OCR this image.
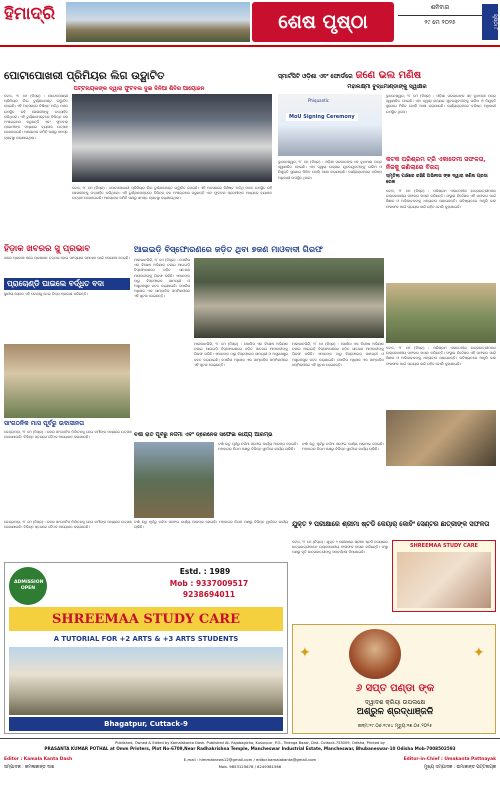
ହିମାଦ୍ରି	ଶେଷ ପୃଷ୍ଠା
ଶନିବାର
୨୯ ମେ ୨୦୨୫	ପୃଷ୍ଠା ୮
ପୋଟାପୋଖରୀ ପ୍ରିମିୟର ଲିଗ ଉଦ୍ଘାଟିତ
ପଟ୍ଟନାୟକଙ୍କ ଦ୍ୱାରା ଫୁଟବଲ ଦୁଇ ଦିନିଆ ଶିବିର ଆୟୋଜନ
କଟକ, ୨୮ ମେ (ନିସ୍ର) : ପୋଟାପୋଖରୀ ପ୍ରିମିୟର ଲିଗ ଟୁର୍ଣ୍ଣାମେଣ୍ଟ ଉଦ୍ଘାଟିତ ହୋଇଛି। ଏହି ଅବସରରେ ବିଶିଷ୍ଟ ଅତିଥି ମାନେ ଉପସ୍ଥିତ ରହି ଖେଳାଳୀଙ୍କୁ ଉତ୍ସାହିତ କରିଥିଲେ। ଏହି ଟୁର୍ଣ୍ଣାମେଣ୍ଟରେ ବିଭିନ୍ନ ଦଳ ଅଂଶଗ୍ରହଣ କରୁଛନ୍ତି ଏବଂ ଫୁଟବଲ ପ୍ରେମୀଙ୍କ ମଧ୍ୟରେ ବ୍ୟାପକ ଉତ୍ସାହ ଦେଖାଦେଇଛି। ଆୟୋଜକ କମିଟି ପକ୍ଷରୁ ସମସ୍ତ ବ୍ୟବସ୍ଥା କରାଯାଇଥିଲା।
କଟକ, ୨୮ ମେ (ନିସ୍ର) : ପୋଟାପୋଖରୀ ପ୍ରିମିୟର ଲିଗ ଟୁର୍ଣ୍ଣାମେଣ୍ଟ ଉଦ୍ଘାଟିତ ହୋଇଛି। ଏହି ଅବସରରେ ବିଶିଷ୍ଟ ଅତିଥି ମାନେ ଉପସ୍ଥିତ ରହି ଖେଳାଳୀଙ୍କୁ ଉତ୍ସାହିତ କରିଥିଲେ। ଏହି ଟୁର୍ଣ୍ଣାମେଣ୍ଟରେ ବିଭିନ୍ନ ଦଳ ଅଂଶଗ୍ରହଣ କରୁଛନ୍ତି ଏବଂ ଫୁଟବଲ ପ୍ରେମୀଙ୍କ ମଧ୍ୟରେ ବ୍ୟାପକ ଉତ୍ସାହ ଦେଖାଦେଇଛି। ଆୟୋଜକ କମିଟି ପକ୍ଷରୁ ସମସ୍ତ ବ୍ୟବସ୍ଥା କରାଯାଇଥିଲା।
ସ୍ମାର୍ଟସିଟି ଓଡ଼ିଶା ଏବଂ ଫୋର୍ଡରେ ଜଣେ ଭଲ ମଣିଷ
ମହାଲକ୍ଷ୍ମୀ ବୁଦ୍ଧମାଣ୍ଡାଙ୍କୁ ସ୍ୱାକ୍ଷର
Phiquantic
MoU Signing Ceremony
ଭୁବନେଶ୍ୱର, ୨୮ ମେ (ନିସ୍ର) : ଓଡ଼ିଶା ସରକାରଙ୍କ ସହ ବୁଝାମଣା ପତ୍ର ସ୍ୱାକ୍ଷରିତ ହୋଇଛି। ଏହା ଦ୍ୱାରା ରାଜ୍ୟର ଯୁବକଯୁବତୀଙ୍କୁ ତାଲିମ ଓ ନିଯୁକ୍ତି ସୁଯୋଗ ମିଳିବ ବୋଲି ଆଶା କରାଯାଉଛି। କାର୍ଯ୍ୟକ୍ରମରେ ବରିଷ୍ଠ ଅଧିକାରୀ ଉପସ୍ଥିତ ଥିଲେ।
ଭୁବନେଶ୍ୱର, ୨୮ ମେ (ନିସ୍ର) : ଓଡ଼ିଶା ସରକାରଙ୍କ ସହ ବୁଝାମଣା ପତ୍ର ସ୍ୱାକ୍ଷରିତ ହୋଇଛି। ଏହା ଦ୍ୱାରା ରାଜ୍ୟର ଯୁବକଯୁବତୀଙ୍କୁ ତାଲିମ ଓ ନିଯୁକ୍ତି ସୁଯୋଗ ମିଳିବ ବୋଲି ଆଶା କରାଯାଉଛି। କାର୍ଯ୍ୟକ୍ରମରେ ବରିଷ୍ଠ ଅଧିକାରୀ ଉପସ୍ଥିତ ଥିଲେ।
କଟକ ପରିଶ୍ରମ ଟ୍ରି ଏକାଡେମୀ ସଫଳତା, ନିଜକୁ ଜଣିଲାରେ ବିଜୟ
ସ୍ମୃତିଲା ପାଞ୍ଚରେ ରହିଛି ଅଭିନୀତା ଙ୍କ ଦ୍ୱାରା ଜଣିଷ ପ୍ରସା ରେକ
କଟକ, ୨୮ ମେ (ନିସ୍ର) : ପରିଶ୍ରମ ଏକାଡେମୀର ଛାତ୍ରଛାତ୍ରୀମାନେ ଉଲ୍ଲେଖନୀୟ ସଫଳତା ହାସଲ କରିଛନ୍ତି। ସଂସ୍ଥାର ନିର୍ଦ୍ଦେଶକ ଏହି ସଫଳତା ପାଇଁ ଶିକ୍ଷକ ଓ ଅଭିଭାବକଙ୍କୁ ଧନ୍ୟବାଦ ଜଣାଇଛନ୍ତି। ଭବିଷ୍ୟତରେ ଆହୁରି ଭଲ ଫଳାଫଳ ପାଇଁ ପ୍ରୟାସ ଜାରି ରହିବ ବୋଲି କୁହାଯାଇଛି।
କଟକ, ୨୮ ମେ (ନିସ୍ର) : ପରିଶ୍ରମ ଏକାଡେମୀର ଛାତ୍ରଛାତ୍ରୀମାନେ ଉଲ୍ଲେଖନୀୟ ସଫଳତା ହାସଲ କରିଛନ୍ତି। ସଂସ୍ଥାର ନିର୍ଦ୍ଦେଶକ ଏହି ସଫଳତା ପାଇଁ ଶିକ୍ଷକ ଓ ଅଭିଭାବକଙ୍କୁ ଧନ୍ୟବାଦ ଜଣାଇଛନ୍ତି। ଭବିଷ୍ୟତରେ ଆହୁରି ଭଲ ଫଳାଫଳ ପାଇଁ ପ୍ରୟାସ ଜାରି ରହିବ ବୋଲି କୁହାଯାଇଛି।
ହିଡ଼ାକ ଖବରର ସୁ ପ୍ରଭାବ
ଖବର ପ୍ରକାଶ ପରେ ପ୍ରଶାସନ ତତ୍ପର ହୋଇ ସମସ୍ୟାର ସମାଧାନ ପାଇଁ ପଦକ୍ଷେପ ନେଇଛି।
ପ୍ରାଚୋଣ୍ଡି ଘାଇଲେ ବର୍ଦ୍ଧିତ ବଦା
ସ୍ଥାନୀୟ ଲୋକେ ଏହି ଘଟଣାକୁ ନେଇ ଚିନ୍ତା ପ୍ରକାଶ କରିଛନ୍ତି।
ଆଇଇଡ଼ି ବିସ୍ଫୋରଣରେ ଜଡ଼ିତ ଥିବା ୭ଜଣ ମାଓବାଦୀ ଗିରଫ
ମାଲକାନଗିରି, ୨୮ ମେ (ନିସ୍ର) : ପୋଲିସ ଏକ ବିଶେଷ ଅଭିଯାନ ଚଳାଇ ଆଇଇଡ଼ି ବିସ୍ଫୋରଣରେ ଜଡ଼ିତ ସାତଜଣ ମାଓବାଦୀଙ୍କୁ ଗିରଫ କରିଛି। ଏମାନଙ୍କ ଠାରୁ ବିସ୍ଫୋରକ ସାମଗ୍ରୀ ଓ ଅସ୍ତ୍ରଶସ୍ତ୍ର ଜବତ କରାଯାଇଛି। ପୋଲିସ ଅଧିକ୍ଷକ ଏକ ସାମ୍ବାଦିକ ସମ୍ମିଳନୀରେ ଏହି ସୂଚନା ଦେଇଛନ୍ତି।
ମାଲକାନଗିରି, ୨୮ ମେ (ନିସ୍ର) : ପୋଲିସ ଏକ ବିଶେଷ ଅଭିଯାନ ଚଳାଇ ଆଇଇଡ଼ି ବିସ୍ଫୋରଣରେ ଜଡ଼ିତ ସାତଜଣ ମାଓବାଦୀଙ୍କୁ ଗିରଫ କରିଛି। ଏମାନଙ୍କ ଠାରୁ ବିସ୍ଫୋରକ ସାମଗ୍ରୀ ଓ ଅସ୍ତ୍ରଶସ୍ତ୍ର ଜବତ କରାଯାଇଛି। ପୋଲିସ ଅଧିକ୍ଷକ ଏକ ସାମ୍ବାଦିକ ସମ୍ମିଳନୀରେ ଏହି ସୂଚନା ଦେଇଛନ୍ତି।
ମାଲକାନଗିରି, ୨୮ ମେ (ନିସ୍ର) : ପୋଲିସ ଏକ ବିଶେଷ ଅଭିଯାନ ଚଳାଇ ଆଇଇଡ଼ି ବିସ୍ଫୋରଣରେ ଜଡ଼ିତ ସାତଜଣ ମାଓବାଦୀଙ୍କୁ ଗିରଫ କରିଛି। ଏମାନଙ୍କ ଠାରୁ ବିସ୍ଫୋରକ ସାମଗ୍ରୀ ଓ ଅସ୍ତ୍ରଶସ୍ତ୍ର ଜବତ କରାଯାଇଛି। ପୋଲିସ ଅଧିକ୍ଷକ ଏକ ସାମ୍ବାଦିକ ସମ୍ମିଳନୀରେ ଏହି ସୂଚନା ଦେଇଛନ୍ତି।
ସାଂଗଠନିକ ମାସ ପୂର୍ବରୁ ଉଦାସୀନତା
କେନ୍ଦ୍ରାପଡ଼ା, ୨୮ ମେ (ନିସ୍ର) : ଦଳର ସାଂଗଠନିକ ନିର୍ବାଚନକୁ ନେଇ କର୍ମୀଙ୍କ ମଧ୍ୟରେ ଉତ୍ସାହ ଦେଖାଯାଉଛି। ବିଭିନ୍ନ ସ୍ତରରେ ବୈଠକ ଆୟୋଜନ କରାଯାଉଛି।	ବର୍ଷା ରାତି ପୂର୍ବରୁ ନର୍ଦ୍ଦମା ଏବଂ ଡ୍ରେନେଜ ସଫେଇ କାର୍ଯ୍ୟ ଆରମ୍ଭ
ବର୍ଷା ଋତୁ ପୂର୍ବରୁ ନର୍ଦ୍ଦମା ସଫେଇ କାର୍ଯ୍ୟ ଆରମ୍ଭ ହୋଇଛି। ମହାନଗର ନିଗମ ପକ୍ଷରୁ ବିଭିନ୍ନ ୱାର୍ଡରେ କାର୍ଯ୍ୟ ଚାଲିଛି।
ବର୍ଷା ଋତୁ ପୂର୍ବରୁ ନର୍ଦ୍ଦମା ସଫେଇ କାର୍ଯ୍ୟ ଆରମ୍ଭ ହୋଇଛି। ମହାନଗର ନିଗମ ପକ୍ଷରୁ ବିଭିନ୍ନ ୱାର୍ଡରେ କାର୍ଯ୍ୟ ଚାଲିଛି।
ଯୁକ୍ତ ୨ ପରୀକ୍ଷାରେ ଶ୍ରୀମା ଷ୍ଟଡି କେୟାର୍ କୋଚିଂ ସେଣ୍ଟର ଛାତ୍ରୀଙ୍କ ସଫଳତା
କଟକ, ୨୮ ମେ (ନିସ୍ର) : ଯୁକ୍ତ ୨ ପରୀକ୍ଷାରେ ଶ୍ରୀମା ଷ୍ଟଡି କେୟାରର ଛାତ୍ରଛାତ୍ରୀମାନେ ଉଲ୍ଲେଖନୀୟ ଫଳାଫଳ ହାସଲ କରିଛନ୍ତି। ସଂସ୍ଥା ପକ୍ଷରୁ କୃତି ଛାତ୍ରଛାତ୍ରୀଙ୍କୁ ସମ୍ବର୍ଦ୍ଧନା ଦିଆଯାଇଛି।
SHREEMAA STUDY CARE
କେନ୍ଦ୍ରାପଡ଼ା, ୨୮ ମେ (ନିସ୍ର) : ଦଳର ସାଂଗଠନିକ ନିର୍ବାଚନକୁ ନେଇ କର୍ମୀଙ୍କ ମଧ୍ୟରେ ଉତ୍ସାହ ଦେଖାଯାଉଛି। ବିଭିନ୍ନ ସ୍ତରରେ ବୈଠକ ଆୟୋଜନ କରାଯାଉଛି।
ବର୍ଷା ଋତୁ ପୂର୍ବରୁ ନର୍ଦ୍ଦମା ସଫେଇ କାର୍ଯ୍ୟ ଆରମ୍ଭ ହୋଇଛି। ମହାନଗର ନିଗମ ପକ୍ଷରୁ ବିଭିନ୍ନ ୱାର୍ଡରେ କାର୍ଯ୍ୟ ଚାଲିଛି।
ADMISSION OPEN
Estd. : 1989
Mob : 9337009517
9238694011
SHREEMAA STUDY CARE
A TUTORIAL FOR +2 ARTS & +3 ARTS STUDENTS
Bhagatpur, Cuttack-9
✦	✦
୬ ସପ୍ତ ପଣ୍ଡା ଙ୍କ
ଦ୍ୱାଦଶ କ୍ରିୟା ଉପଲକ୍ଷେ
ଅଶ୍ରୁଳ ଶ୍ରଦ୍ଧାଞ୍ଜଳି
ଜନ୍ମ:୧୯.୦୬.୧୯୫୪ ମୃତ୍ୟୁ:୧୭.୦୫.୨୦୨୫
Published, Owned & Edited by Kamalakanta Dash. Published At- Rajabagicha, Kusunpur, P.O.- Telenga Bazar, Dist- Cuttack-753009, Odisha, Printed by
PRASANTA KUMAR POTHAL at Omm Printers, Plot No-6709,Near Radhakrishna Temple, Mancheswar Industrial Estate, Mancheswar, Bhubaneswar-10 Odisha Mob-7008502593
Editor : Kamala Kanta Dash
ସମ୍ପାଦକ : କମଳାକାନ୍ତ ଦାଶ
E-mail : himmatnews12@gmail.com / editor.kamalakanta@gmail.com
Mob. 9853125678 / 8249381566
Editor-in-Chief : Umakanta Pattnayak
ମୁଖ୍ୟ ସମ୍ପାଦକ : ଉମାକାନ୍ତ ପଟ୍ଟନାୟକ
